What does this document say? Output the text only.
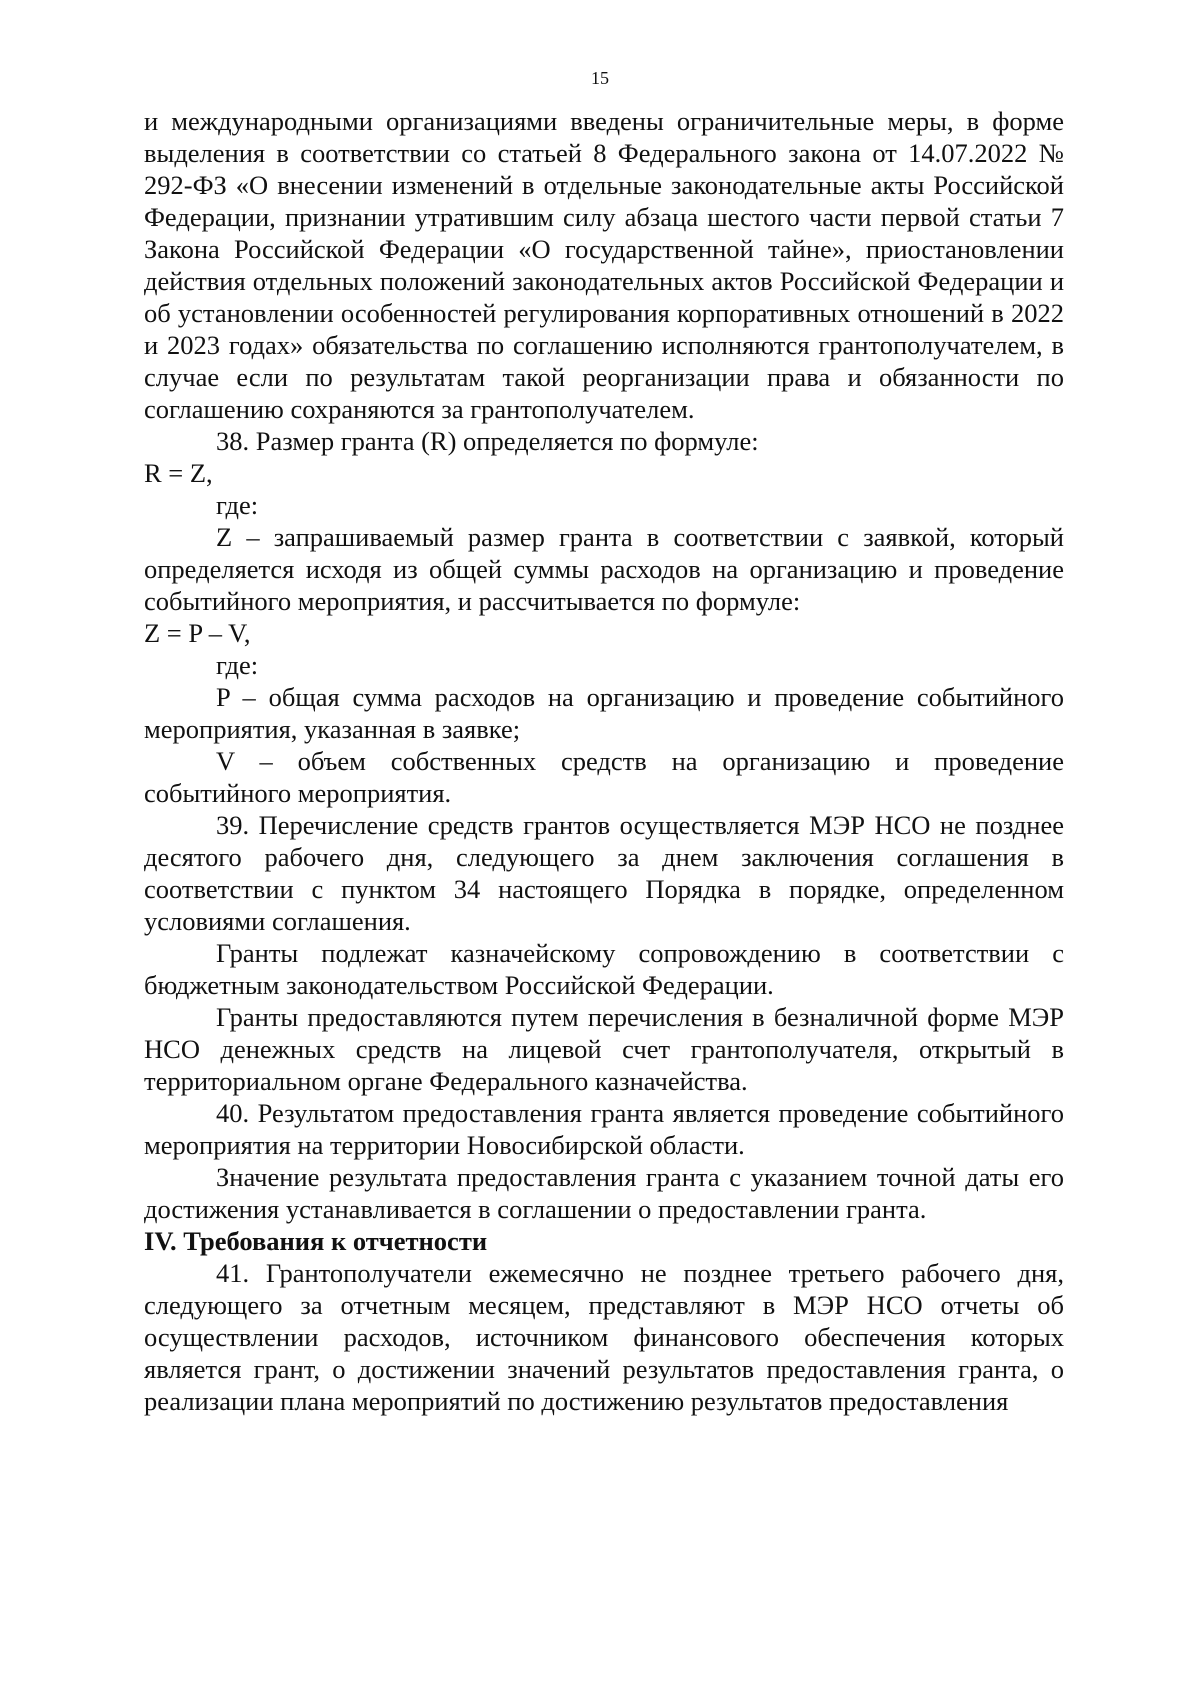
15

и международными организациями введены ограничительные меры, в форме выделения в соответствии со статьей 8 Федерального закона от 14.07.2022 № 292-ФЗ «О внесении изменений в отдельные законодательные акты Российской Федерации, признании утратившим силу абзаца шестого части первой статьи 7 Закона Российской Федерации «О государственной тайне», приостановлении действия отдельных положений законодательных актов Российской Федерации и об установлении особенностей регулирования корпоративных отношений в 2022 и 2023 годах» обязательства по соглашению исполняются грантополучателем, в случае если по результатам такой реорганизации права и обязанности по соглашению сохраняются за грантополучателем.

38. Размер гранта (R) определяется по формуле:

R = Z,

где:

Z – запрашиваемый размер гранта в соответствии с заявкой, который определяется исходя из общей суммы расходов на организацию и проведение событийного мероприятия, и рассчитывается по формуле:

Z = P – V,

где:

P – общая сумма расходов на организацию и проведение событийного мероприятия, указанная в заявке;

V – объем собственных средств на организацию и проведение событийного мероприятия.

39. Перечисление средств грантов осуществляется МЭР НСО не позднее десятого рабочего дня, следующего за днем заключения соглашения в соответствии с пунктом 34 настоящего Порядка в порядке, определенном условиями соглашения.

Гранты подлежат казначейскому сопровождению в соответствии с бюджетным законодательством Российской Федерации.

Гранты предоставляются путем перечисления в безналичной форме МЭР НСО денежных средств на лицевой счет грантополучателя, открытый в территориальном органе Федерального казначейства.

40. Результатом предоставления гранта является проведение событийного мероприятия на территории Новосибирской области.

Значение результата предоставления гранта с указанием точной даты его достижения устанавливается в соглашении о предоставлении гранта.

IV. Требования к отчетности

41. Грантополучатели ежемесячно не позднее третьего рабочего дня, следующего за отчетным месяцем, представляют в МЭР НСО отчеты об осуществлении расходов, источником финансового обеспечения которых является грант, о достижении значений результатов предоставления гранта, о реализации плана мероприятий по достижению результатов предоставления
